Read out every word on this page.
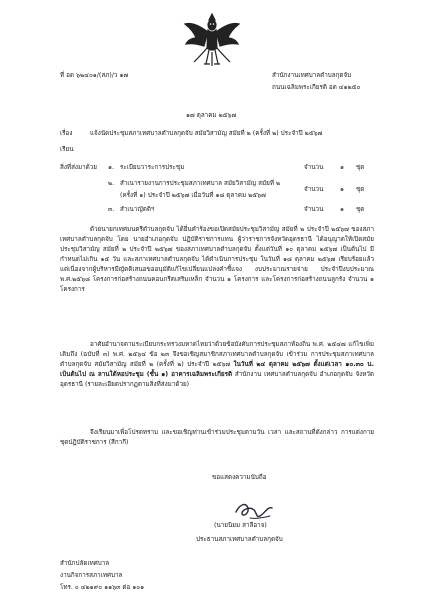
ที่ อด ๖๒๔๐๑/(สภ)/ว ๑๗	สำนักงานเทศบาลตำบลกุดจับ
ถนนเฉลิมพระเกียรติ อด ๔๑๒๕๐
๑๗ ตุลาคม ๒๕๖๗
เรื่อง	แจ้งนัดประชุมสภาเทศบาลตำบลกุดจับ สมัยวิสามัญ สมัยที่ ๒ (ครั้งที่ ๒) ประจำปี ๒๕๖๗
เรียน
สิ่งที่ส่งมาด้วย ๑. ระเบียบวาระการประชุม	จำนวน	๑ ชุด
๒. สำเนารายงานการประชุมสภาเทศบาล สมัยวิสามัญ สมัยที่ ๒
(ครั้งที่ ๑) ประจำปี ๒๕๖๗ เมื่อวันที่ ๑๘ ตุลาคม ๒๕๖๗
จำนวน	๑ ชุด
๓. สำเนาญัตติฯ	จำนวน	๑ ชุด
ด้วยนายกเทศมนตรีตำบลกุดจับ ได้ยื่นคำร้องขอเปิดสมัยประชุมวิสามัญ สมัยที่ ๒ ประจำปี ๒๕๖๗ ของสภาเทศบาลตำบลกุดจับ โดย นายอำเภอกุดจับ ปฏิบัติราชการแทน ผู้ว่าราชการจังหวัดอุดรธานี ได้อนุญาตให้เปิดสมัยประชุมวิสามัญ สมัยที่ ๒ ประจำปี ๒๕๖๗ ของสภาเทศบาลตำบลกุดจับ ตั้งแต่วันที่ ๑๐ ตุลาคม ๒๕๖๗ เป็นต้นไป มีกำหนดไม่เกิน ๑๕ วัน และสภาเทศบาลตำบลกุดจับ ได้ดำเนินการประชุม ในวันที่ ๑๘ ตุลาคม ๒๕๖๗ เรียบร้อยแล้ว แต่เนื่องจากผู้บริหารมีญัตติเสนอขออนุมัติแก้ไขเปลี่ยนแปลงคำชี้แจง งบประมาณรายจ่าย ประจำปีงบประมาณ พ.ศ.๒๕๖๘ โครงการก่อสร้างถนนคอนกรีตเสริมเหล็ก จำนวน ๑ โครงการ และโครงการก่อสร้างถนนลูกรัง จำนวน ๑ โครงการ
อาศัยอำนาจตามระเบียบกระทรวงมหาดไทยว่าด้วยข้อบังคับการประชุมสภาท้องถิ่น พ.ศ. ๒๕๔๗ แก้ไขเพิ่มเติมถึง (ฉบับที่ ๓) พ.ศ. ๒๕๖๔ ข้อ ๒๓ จึงขอเชิญสมาชิกสภาเทศบาลตำบลกุดจับ เข้าร่วม การประชุมสภาเทศบาลตำบลกุดจับ สมัยวิสามัญ สมัยที่ ๒ (ครั้งที่ ๒) ประจำปี ๒๕๖๗ ในวันที่ ๒๔ ตุลาคม ๒๕๖๗ ตั้งแต่เวลา ๑๐.๓๐ น. เป็นต้นไป ณ ลานใต้หอประชุม (ชั้น ๑) อาคารเฉลิมพระเกียรติ สำนักงาน เทศบาลตำบลกุดจับ อำเภอกุดจับ จังหวัดอุดรธานี (รายละเอียดปรากฏตามสิ่งที่ส่งมาด้วย)
จึงเรียนมาเพื่อโปรดทราบ และขอเชิญท่านเข้าร่วมประชุมตามวัน เวลา และสถานที่ดังกล่าว การแต่งกาย ชุดปฏิบัติราชการ (สีกากี)
ขอแสดงความนับถือ
(นายนิยม สาลีอาจ)
ประธานสภาเทศบาลตำบลกุดจับ
สำนักปลัดเทศบาล
งานกิจการสภาเทศบาล
โทร. ๐ ๔๒๑๙๐ ๑๑๖๓ ต่อ ๑๐๑
